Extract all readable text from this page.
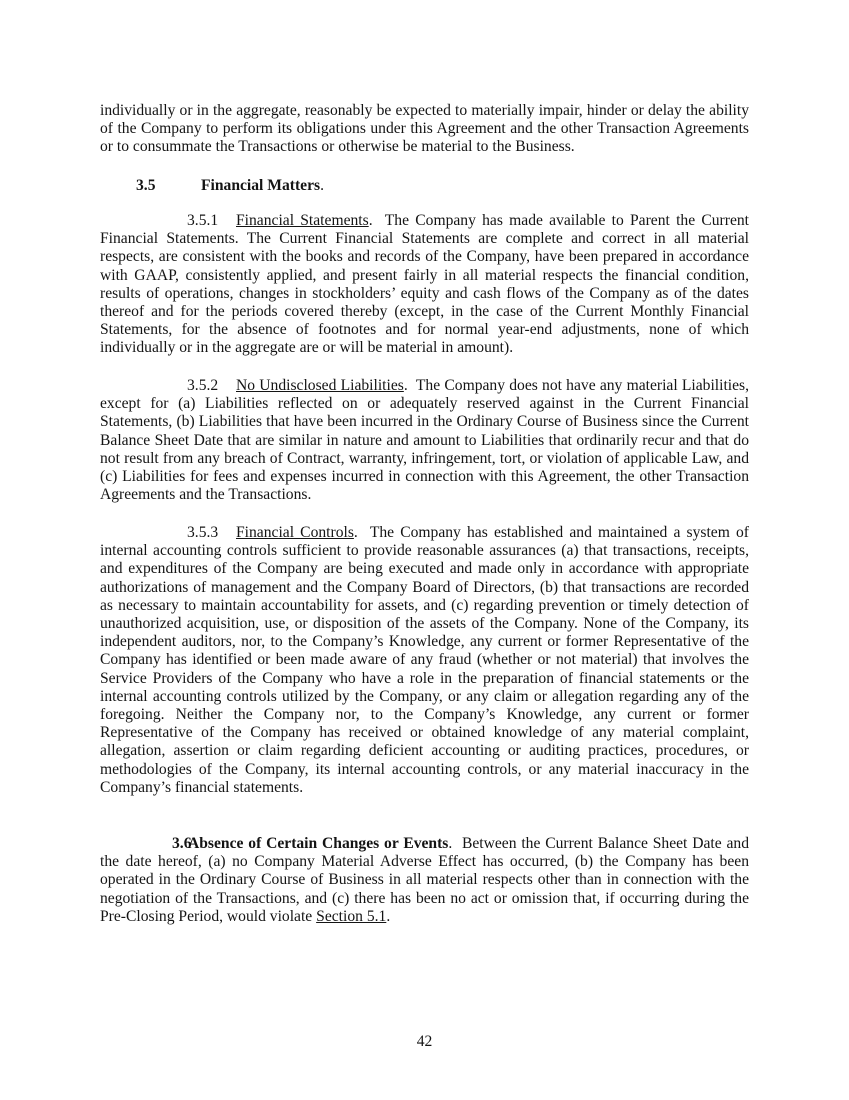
individually or in the aggregate, reasonably be expected to materially impair, hinder or delay the ability of the Company to perform its obligations under this Agreement and the other Transaction Agreements or to consummate the Transactions or otherwise be material to the Business.

3.5	Financial Matters.

3.5.1 Financial Statements. The Company has made available to Parent the Current Financial Statements. The Current Financial Statements are complete and correct in all material respects, are consistent with the books and records of the Company, have been prepared in accordance with GAAP, consistently applied, and present fairly in all material respects the financial condition, results of operations, changes in stockholders’ equity and cash flows of the Company as of the dates thereof and for the periods covered thereby (except, in the case of the Current Monthly Financial Statements, for the absence of footnotes and for normal year-end adjustments, none of which individually or in the aggregate are or will be material in amount).

3.5.2 No Undisclosed Liabilities. The Company does not have any material Liabilities, except for (a) Liabilities reflected on or adequately reserved against in the Current Financial Statements, (b) Liabilities that have been incurred in the Ordinary Course of Business since the Current Balance Sheet Date that are similar in nature and amount to Liabilities that ordinarily recur and that do not result from any breach of Contract, warranty, infringement, tort, or violation of applicable Law, and (c) Liabilities for fees and expenses incurred in connection with this Agreement, the other Transaction Agreements and the Transactions.

3.5.3 Financial Controls. The Company has established and maintained a system of internal accounting controls sufficient to provide reasonable assurances (a) that transactions, receipts, and expenditures of the Company are being executed and made only in accordance with appropriate authorizations of management and the Company Board of Directors, (b) that transactions are recorded as necessary to maintain accountability for assets, and (c) regarding prevention or timely detection of unauthorized acquisition, use, or disposition of the assets of the Company. None of the Company, its independent auditors, nor, to the Company’s Knowledge, any current or former Representative of the Company has identified or been made aware of any fraud (whether or not material) that involves the Service Providers of the Company who have a role in the preparation of financial statements or the internal accounting controls utilized by the Company, or any claim or allegation regarding any of the foregoing. Neither the Company nor, to the Company’s Knowledge, any current or former Representative of the Company has received or obtained knowledge of any material complaint, allegation, assertion or claim regarding deficient accounting or auditing practices, procedures, or methodologies of the Company, its internal accounting controls, or any material inaccuracy in the Company’s financial statements.

3.6Absence of Certain Changes or Events. Between the Current Balance Sheet Date and the date hereof, (a) no Company Material Adverse Effect has occurred, (b) the Company has been operated in the Ordinary Course of Business in all material respects other than in connection with the negotiation of the Transactions, and (c) there has been no act or omission that, if occurring during the Pre-Closing Period, would violate Section 5.1.

42
